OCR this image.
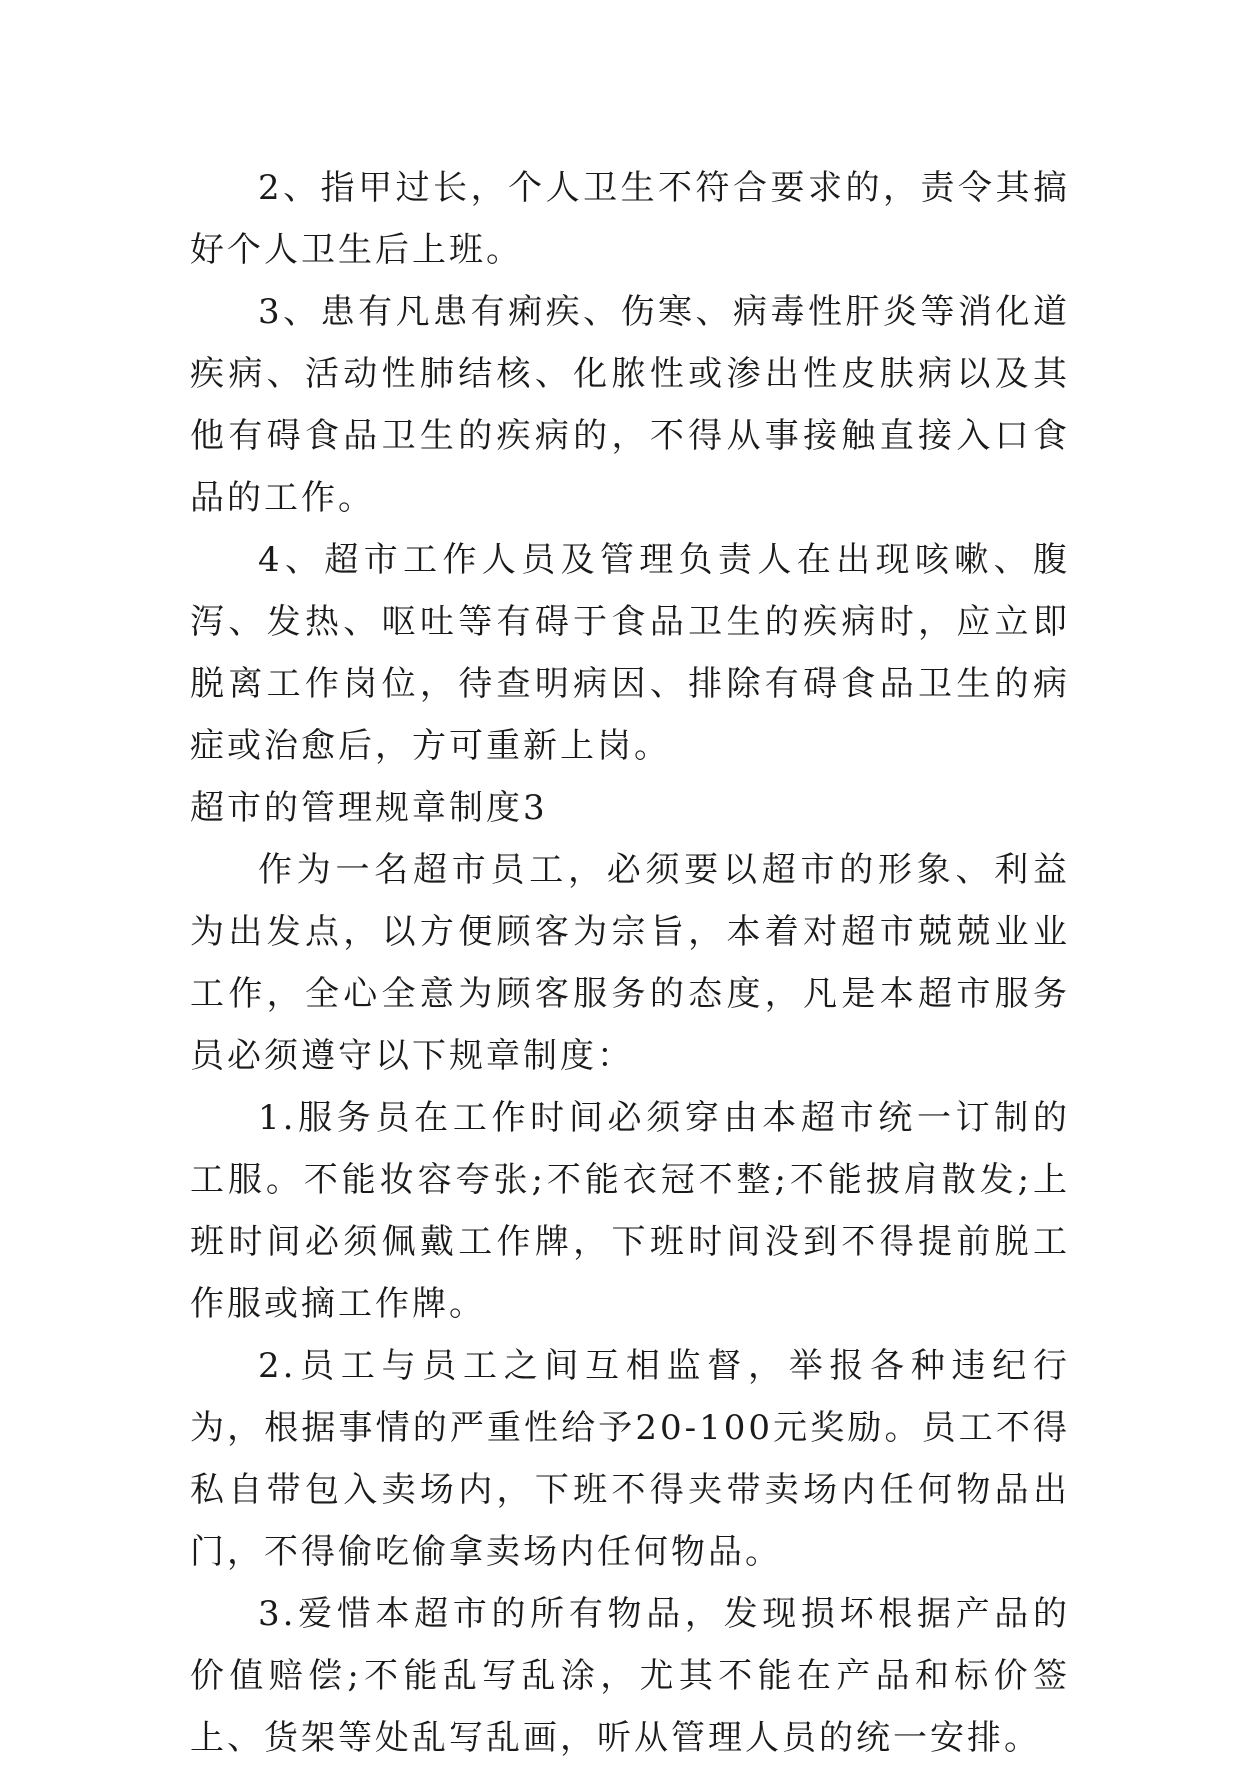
2、指甲过长，个人卫生不符合要求的，责令其搞好个人卫生后上班。

3、患有凡患有痢疾、伤寒、病毒性肝炎等消化道疾病、活动性肺结核、化脓性或渗出性皮肤病以及其他有碍食品卫生的疾病的，不得从事接触直接入口食品的工作。

4、超市工作人员及管理负责人在出现咳嗽、腹泻、发热、呕吐等有碍于食品卫生的疾病时，应立即脱离工作岗位，待查明病因、排除有碍食品卫生的病症或治愈后，方可重新上岗。

超市的管理规章制度3

作为一名超市员工，必须要以超市的形象、利益为出发点，以方便顾客为宗旨，本着对超市兢兢业业工作，全心全意为顾客服务的态度，凡是本超市服务员必须遵守以下规章制度：

1.服务员在工作时间必须穿由本超市统一订制的工服。不能妆容夸张;不能衣冠不整;不能披肩散发;上班时间必须佩戴工作牌，下班时间没到不得提前脱工作服或摘工作牌。

2.员工与员工之间互相监督，举报各种违纪行为，根据事情的严重性给予20-100元奖励。员工不得私自带包入卖场内，下班不得夹带卖场内任何物品出门，不得偷吃偷拿卖场内任何物品。

3.爱惜本超市的所有物品，发现损坏根据产品的价值赔偿;不能乱写乱涂，尤其不能在产品和标价签上、货架等处乱写乱画，听从管理人员的统一安排。
